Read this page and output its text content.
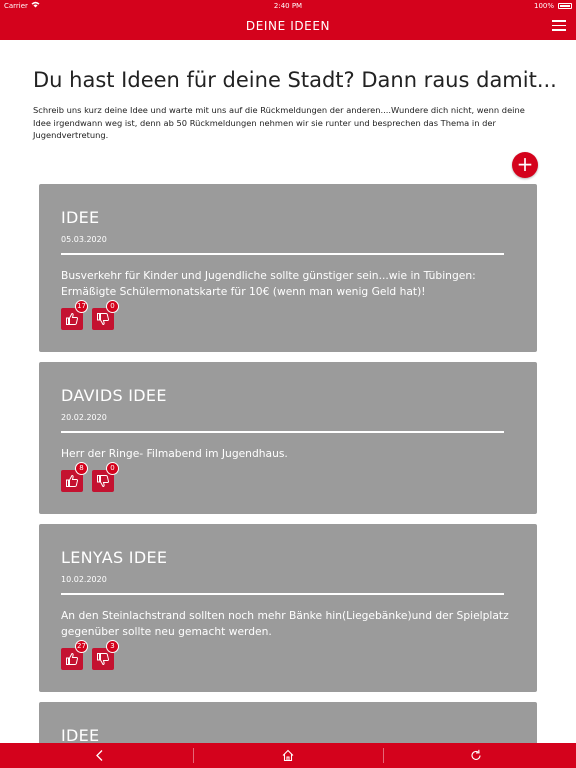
Carrier	2:40 PM	100%
DEINE IDEEN
Du hast Ideen für deine Stadt? Dann raus damit...

Schreib uns kurz deine Idee und warte mit uns auf die Rückmeldungen der anderen....Wundere dich nicht, wenn deine Idee irgendwann weg ist, denn ab 50 Rückmeldungen nehmen wir sie runter und besprechen das Thema in der Jugendvertretung.

+
IDEE
05.03.2020

Busverkehr für Kinder und Jugendliche sollte günstiger sein...wie in Tübingen: Ermäßigte Schülermonatskarte für 10€ (wenn man wenig Geld hat)!

17	0
DAVIDS IDEE
20.02.2020

Herr der Ringe- Filmabend im Jugendhaus.

8	0
LENYAS IDEE
10.02.2020

An den Steinlachstrand sollten noch mehr Bänke hin(Liegebänke)und der Spielplatz gegenüber sollte neu gemacht werden.

27	3
IDEE
